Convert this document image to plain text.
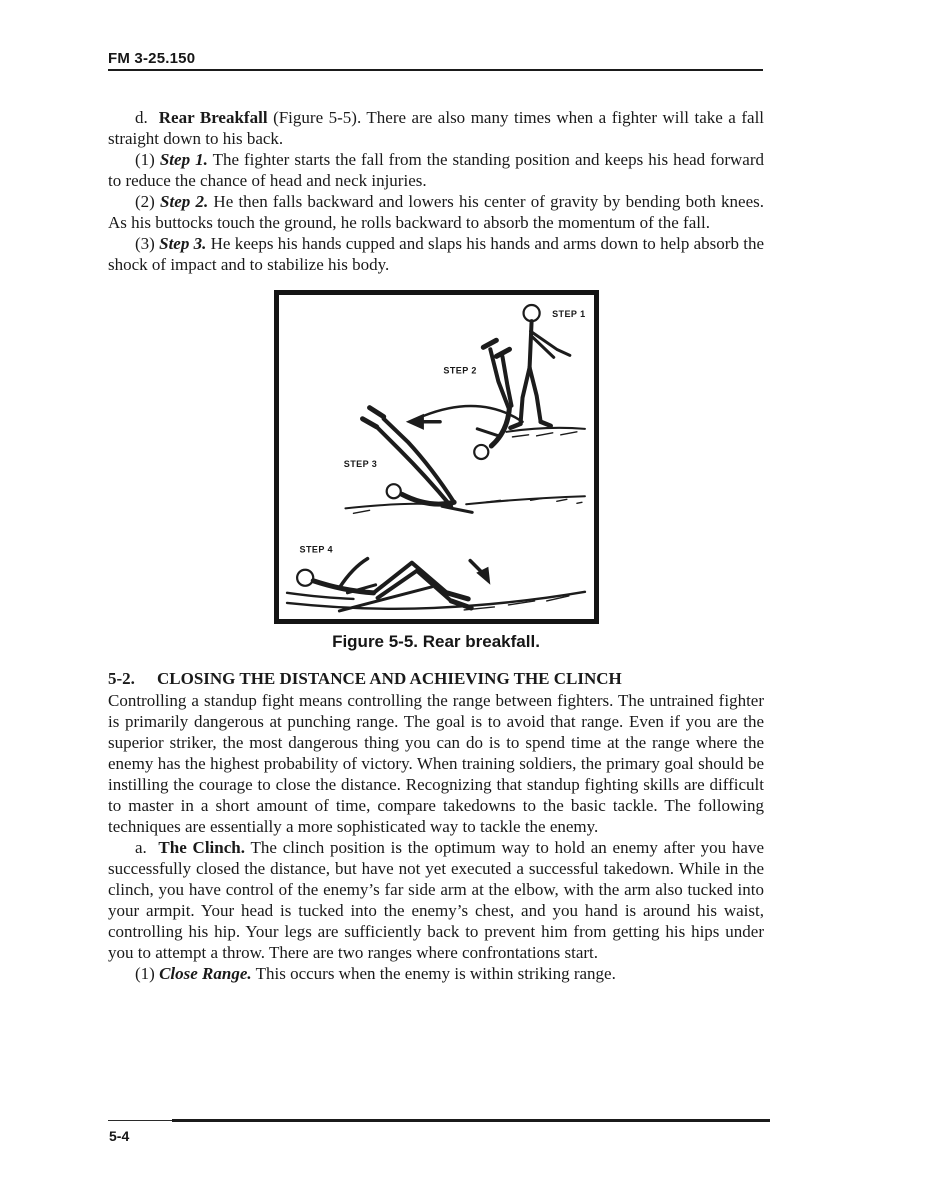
FM 3-25.150

d. Rear Breakfall (Figure 5-5). There are also many times when a fighter will take a fall straight down to his back.

(1) Step 1. The fighter starts the fall from the standing position and keeps his head forward to reduce the chance of head and neck injuries.

(2) Step 2. He then falls backward and lowers his center of gravity by bending both knees. As his buttocks touch the ground, he rolls backward to absorb the momentum of the fall.

(3) Step 3. He keeps his hands cupped and slaps his hands and arms down to help absorb the shock of impact and to stabilize his body.

STEP 1
STEP 2
STEP 3
STEP 4
Figure 5-5. Rear breakfall.
5-2.	CLOSING THE DISTANCE AND ACHIEVING THE CLINCH

Controlling a standup fight means controlling the range between fighters. The untrained fighter is primarily dangerous at punching range. The goal is to avoid that range. Even if you are the superior striker, the most dangerous thing you can do is to spend time at the range where the enemy has the highest probability of victory. When training soldiers, the primary goal should be instilling the courage to close the distance. Recognizing that standup fighting skills are difficult to master in a short amount of time, compare takedowns to the basic tackle. The following techniques are essentially a more sophisticated way to tackle the enemy.

a. The Clinch. The clinch position is the optimum way to hold an enemy after you have successfully closed the distance, but have not yet executed a successful takedown. While in the clinch, you have control of the enemy’s far side arm at the elbow, with the arm also tucked into your armpit. Your head is tucked into the enemy’s chest, and you hand is around his waist, controlling his hip. Your legs are sufficiently back to prevent him from getting his hips under you to attempt a throw. There are two ranges where confrontations start.

(1) Close Range. This occurs when the enemy is within striking range.

5-4
